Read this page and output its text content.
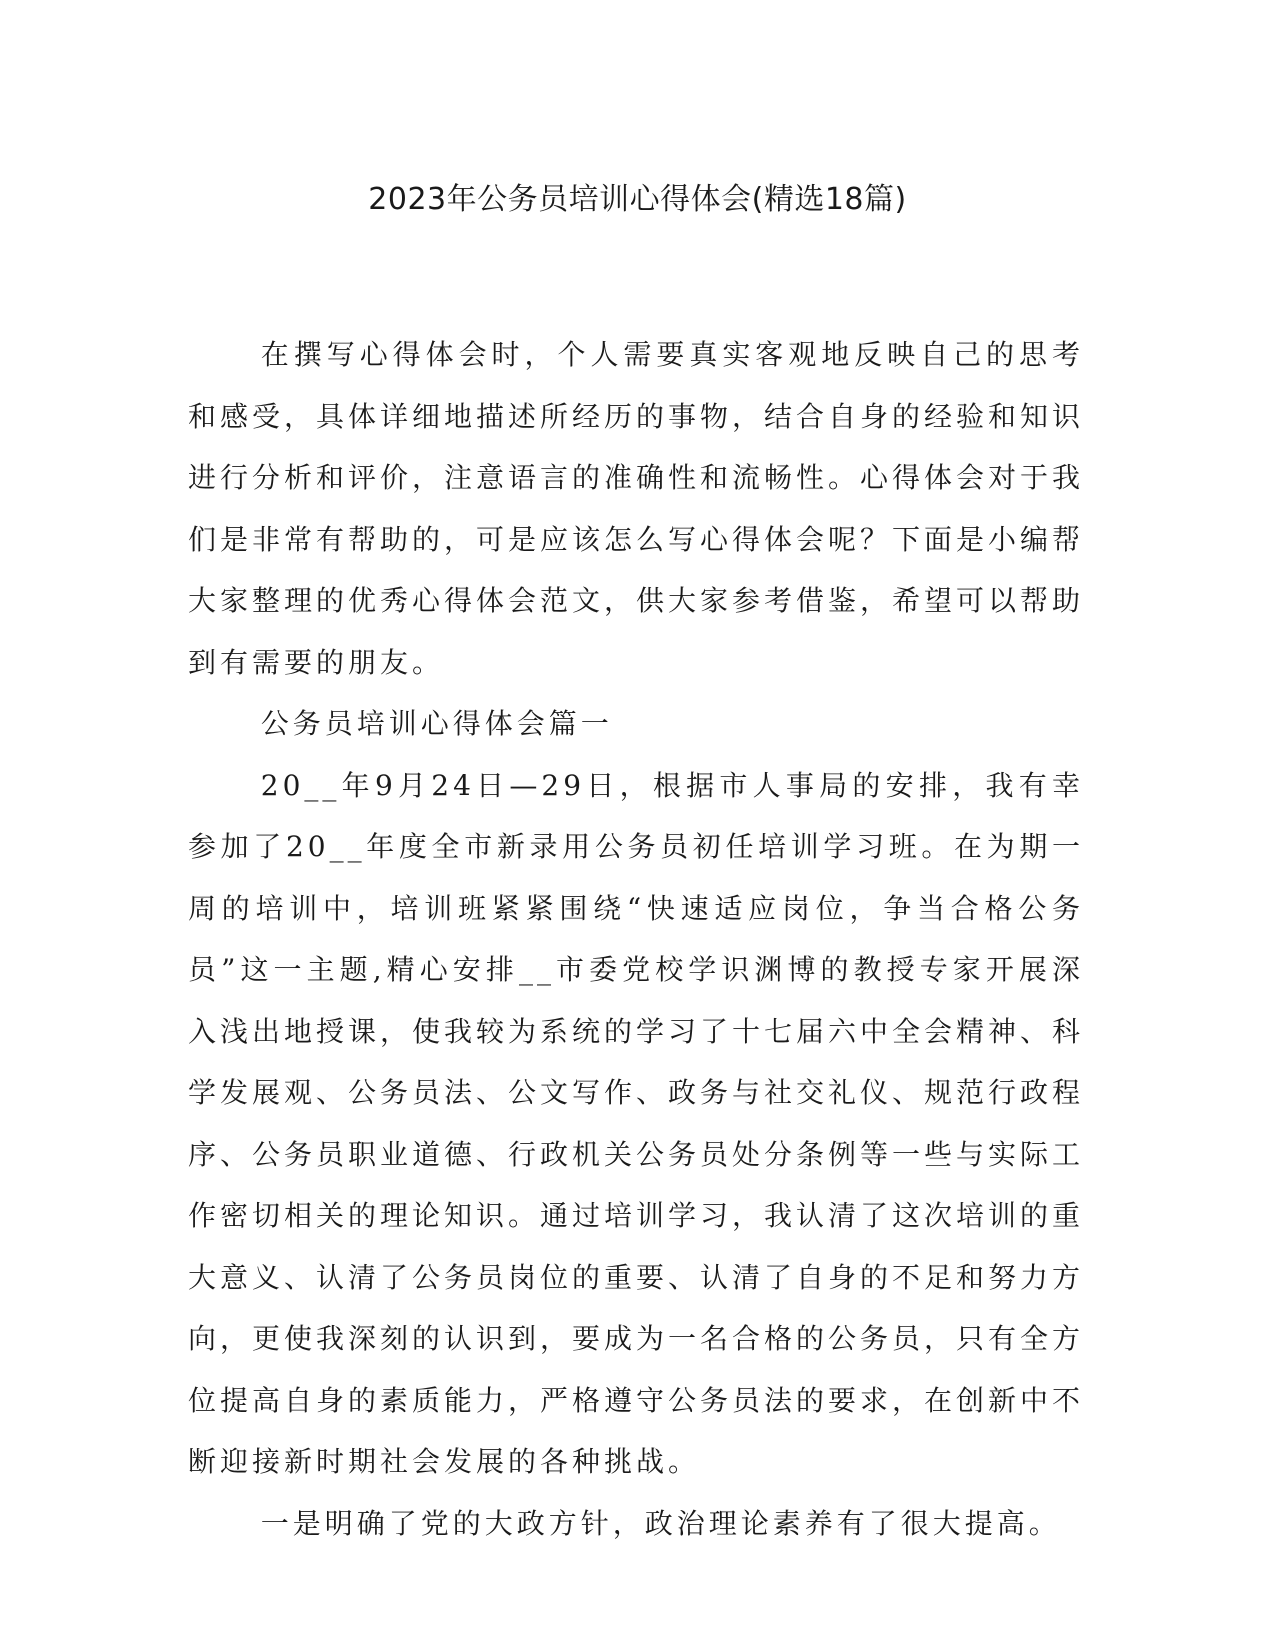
2023年公务员培训心得体会(精选18篇)

在撰写心得体会时，个人需要真实客观地反映自己的思考和感受，具体详细地描述所经历的事物，结合自身的经验和知识进行分析和评价，注意语言的准确性和流畅性。心得体会对于我们是非常有帮助的，可是应该怎么写心得体会呢？下面是小编帮大家整理的优秀心得体会范文，供大家参考借鉴，希望可以帮助到有需要的朋友。

公务员培训心得体会篇一

20__年9月24日—29日，根据市人事局的安排，我有幸参加了20__年度全市新录用公务员初任培训学习班。在为期一周的培训中，培训班紧紧围绕“快速适应岗位，争当合格公务员”这一主题,精心安排__市委党校学识渊博的教授专家开展深入浅出地授课，使我较为系统的学习了十七届六中全会精神、科学发展观、公务员法、公文写作、政务与社交礼仪、规范行政程序、公务员职业道德、行政机关公务员处分条例等一些与实际工作密切相关的理论知识。通过培训学习，我认清了这次培训的重大意义、认清了公务员岗位的重要、认清了自身的不足和努力方向，更使我深刻的认识到，要成为一名合格的公务员，只有全方位提高自身的素质能力，严格遵守公务员法的要求，在创新中不断迎接新时期社会发展的各种挑战。

一是明确了党的大政方针，政治理论素养有了很大提高。
